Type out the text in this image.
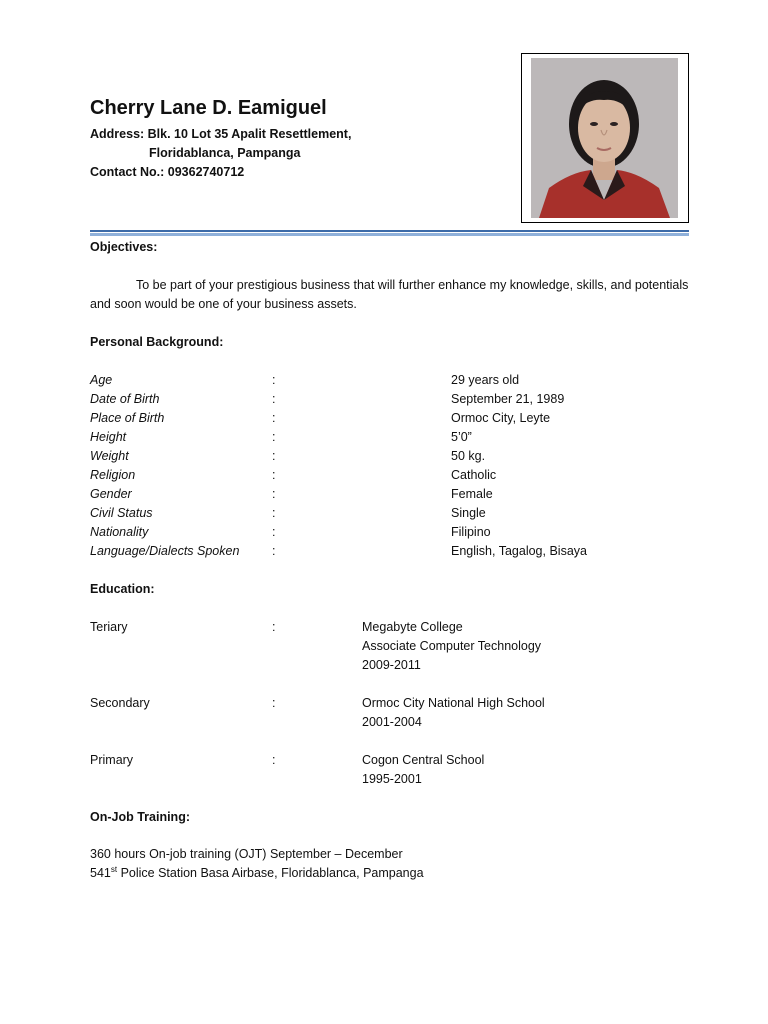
Cherry Lane D. Eamiguel
Address: Blk. 10 Lot 35 Apalit Resettlement,
Floridablanca, Pampanga
Contact No.: 09362740712
Objectives:
To be part of your prestigious business that will further enhance my knowledge, skills, and potentials and soon would be one of your business assets.
Personal Background:
Age	:	29 years old
Date of Birth	:	September 21, 1989
Place of Birth	:	Ormoc City, Leyte
Height	:	5’0”
Weight	:	50 kg.
Religion	:	Catholic
Gender	:	Female
Civil Status	:	Single
Nationality	:	Filipino
Language/Dialects Spoken	:	English, Tagalog, Bisaya
Education:
Teriary	:	Megabyte College
Associate Computer Technology
2009-2011
Secondary	:	Ormoc City National High School
2001-2004
Primary	:	Cogon Central School
1995-2001
On-Job Training:
360 hours On-job training (OJT) September – December
541st Police Station Basa Airbase, Floridablanca, Pampanga
